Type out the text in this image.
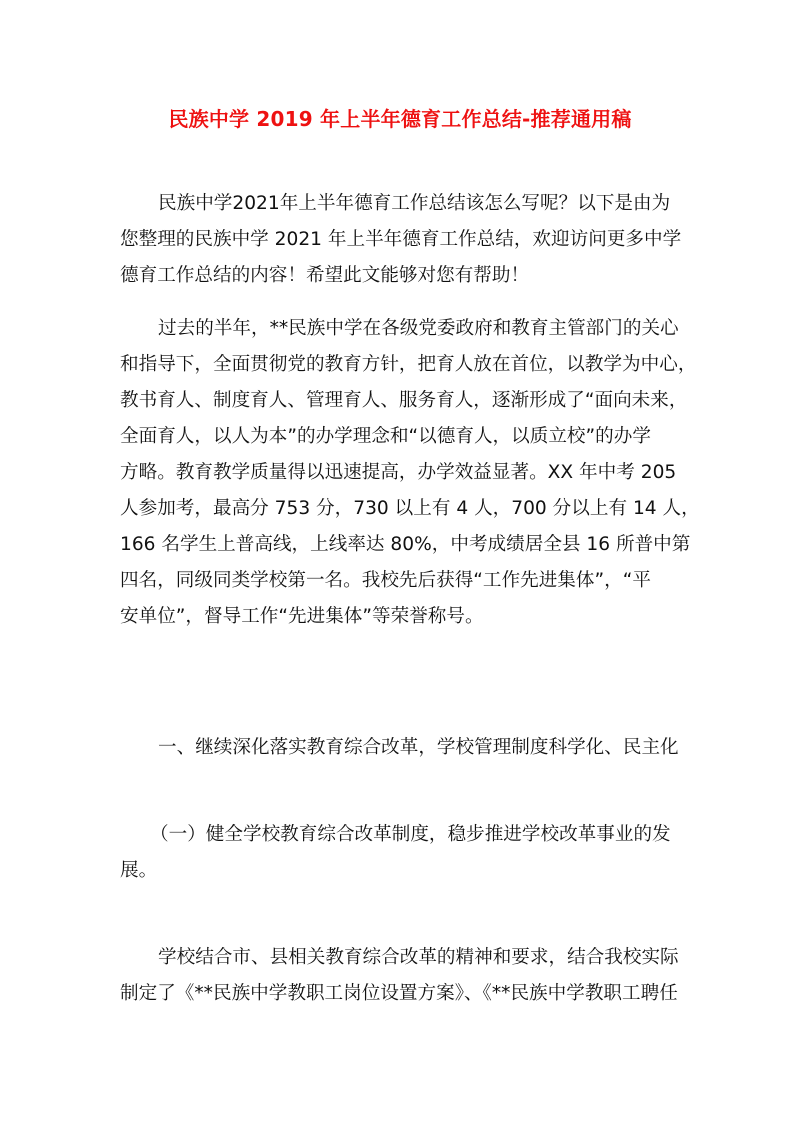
民族中学 2019 年上半年德育工作总结-推荐通用稿
民族中学2021年上半年德育工作总结该怎么写呢？以下是由为
您整理的民族中学 2021 年上半年德育工作总结，欢迎访问更多中学
德育工作总结的内容！希望此文能够对您有帮助！
过去的半年，**民族中学在各级党委政府和教育主管部门的关心
和指导下，全面贯彻党的教育方针，把育人放在首位，以教学为中心，
教书育人、制度育人、管理育人、服务育人，逐渐形成了“面向未来，
全面育人，以人为本”的办学理念和“以德育人，以质立校”的办学
方略。教育教学质量得以迅速提高，办学效益显著。XX 年中考 205
人参加考，最高分 753 分，730 以上有 4 人，700 分以上有 14 人，
166 名学生上普高线，上线率达 80%，中考成绩居全县 16 所普中第
四名，同级同类学校第一名。我校先后获得“工作先进集体”，“平
安单位”，督导工作“先进集体”等荣誉称号。
一、继续深化落实教育综合改革，学校管理制度科学化、民主化
（一）健全学校教育综合改革制度，稳步推进学校改革事业的发
展。
学校结合市、县相关教育综合改革的精神和要求，结合我校实际
制定了《**民族中学教职工岗位设置方案》、《**民族中学教职工聘任
